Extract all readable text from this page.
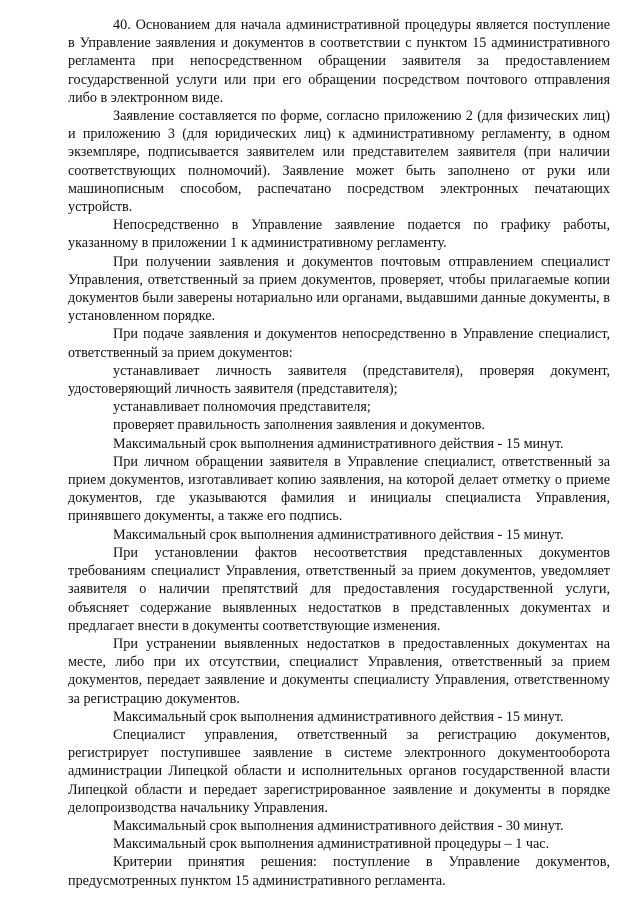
40. Основанием для начала административной процедуры является поступление в Управление заявления и документов в соответствии с пунктом 15 административного регламента при непосредственном обращении заявителя за предоставлением государственной услуги или при его обращении посредством почтового отправления либо в электронном виде.

Заявление составляется по форме, согласно приложению 2 (для физических лиц) и приложению 3 (для юридических лиц) к административному регламенту, в одном экземпляре, подписывается заявителем или представителем заявителя (при наличии соответствующих полномочий). Заявление может быть заполнено от руки или машинописным способом, распечатано посредством электронных печатающих устройств.

Непосредственно в Управление заявление подается по графику работы, указанному в приложении 1 к административному регламенту.

При получении заявления и документов почтовым отправлением специалист Управления, ответственный за прием документов, проверяет, чтобы прилагаемые копии документов были заверены нотариально или органами, выдавшими данные документы, в установленном порядке.

При подаче заявления и документов непосредственно в Управление специалист, ответственный за прием документов:

устанавливает личность заявителя (представителя), проверяя документ, удостоверяющий личность заявителя (представителя);

устанавливает полномочия представителя;

проверяет правильность заполнения заявления и документов.

Максимальный срок выполнения административного действия - 15 минут.

При личном обращении заявителя в Управление специалист, ответственный за прием документов, изготавливает копию заявления, на которой делает отметку о приеме документов, где указываются фамилия и инициалы специалиста Управления, принявшего документы, а также его подпись.

Максимальный срок выполнения административного действия - 15 минут.

При установлении фактов несоответствия представленных документов требованиям специалист Управления, ответственный за прием документов, уведомляет заявителя о наличии препятствий для предоставления государственной услуги, объясняет содержание выявленных недостатков в представленных документах и предлагает внести в документы соответствующие изменения.

При устранении выявленных недостатков в предоставленных документах на месте, либо при их отсутствии, специалист Управления, ответственный за прием документов, передает заявление и документы специалисту Управления, ответственному за регистрацию документов.

Максимальный срок выполнения административного действия - 15 минут.

Специалист управления, ответственный за регистрацию документов, регистрирует поступившее заявление в системе электронного документооборота администрации Липецкой области и исполнительных органов государственной власти Липецкой области и передает зарегистрированное заявление и документы в порядке делопроизводства начальнику Управления.

Максимальный срок выполнения административного действия - 30 минут.

Максимальный срок выполнения административной процедуры – 1 час.

Критерии принятия решения: поступление в Управление документов, предусмотренных пунктом 15 административного регламента.
